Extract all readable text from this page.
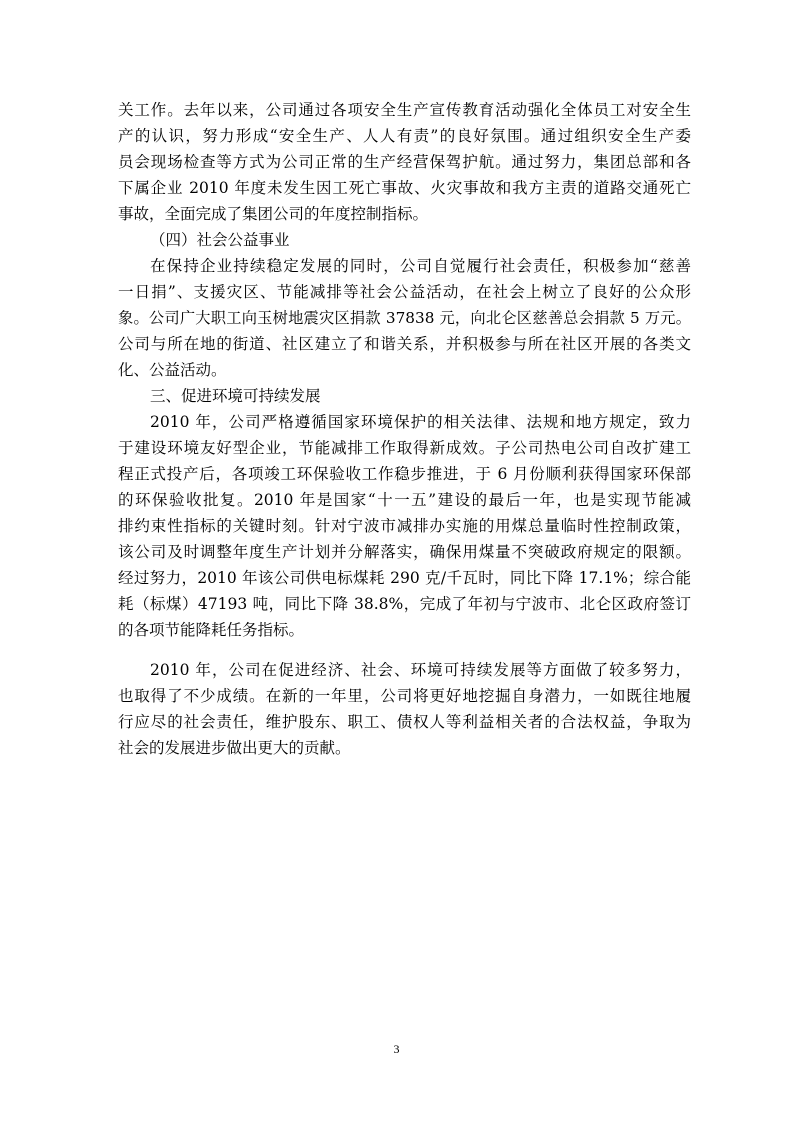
关工作。去年以来，公司通过各项安全生产宣传教育活动强化全体员工对安全生
产的认识，努力形成“安全生产、人人有责”的良好氛围。通过组织安全生产委
员会现场检查等方式为公司正常的生产经营保驾护航。通过努力，集团总部和各
下属企业 2010 年度未发生因工死亡事故、火灾事故和我方主责的道路交通死亡
事故，全面完成了集团公司的年度控制指标。
（四）社会公益事业
在保持企业持续稳定发展的同时，公司自觉履行社会责任，积极参加“慈善
一日捐”、支援灾区、节能减排等社会公益活动，在社会上树立了良好的公众形
象。公司广大职工向玉树地震灾区捐款 37838 元，向北仑区慈善总会捐款 5 万元。
公司与所在地的街道、社区建立了和谐关系，并积极参与所在社区开展的各类文
化、公益活动。
三、促进环境可持续发展
2010 年，公司严格遵循国家环境保护的相关法律、法规和地方规定，致力
于建设环境友好型企业，节能减排工作取得新成效。子公司热电公司自改扩建工
程正式投产后，各项竣工环保验收工作稳步推进，于 6 月份顺利获得国家环保部
的环保验收批复。2010 年是国家“十一五”建设的最后一年，也是实现节能减
排约束性指标的关键时刻。针对宁波市减排办实施的用煤总量临时性控制政策，
该公司及时调整年度生产计划并分解落实，确保用煤量不突破政府规定的限额。
经过努力，2010 年该公司供电标煤耗 290 克/千瓦时，同比下降 17.1%；综合能
耗（标煤）47193 吨，同比下降 38.8%，完成了年初与宁波市、北仑区政府签订
的各项节能降耗任务指标。
2010 年，公司在促进经济、社会、环境可持续发展等方面做了较多努力，
也取得了不少成绩。在新的一年里，公司将更好地挖掘自身潜力，一如既往地履
行应尽的社会责任，维护股东、职工、债权人等利益相关者的合法权益，争取为
社会的发展进步做出更大的贡献。
3
